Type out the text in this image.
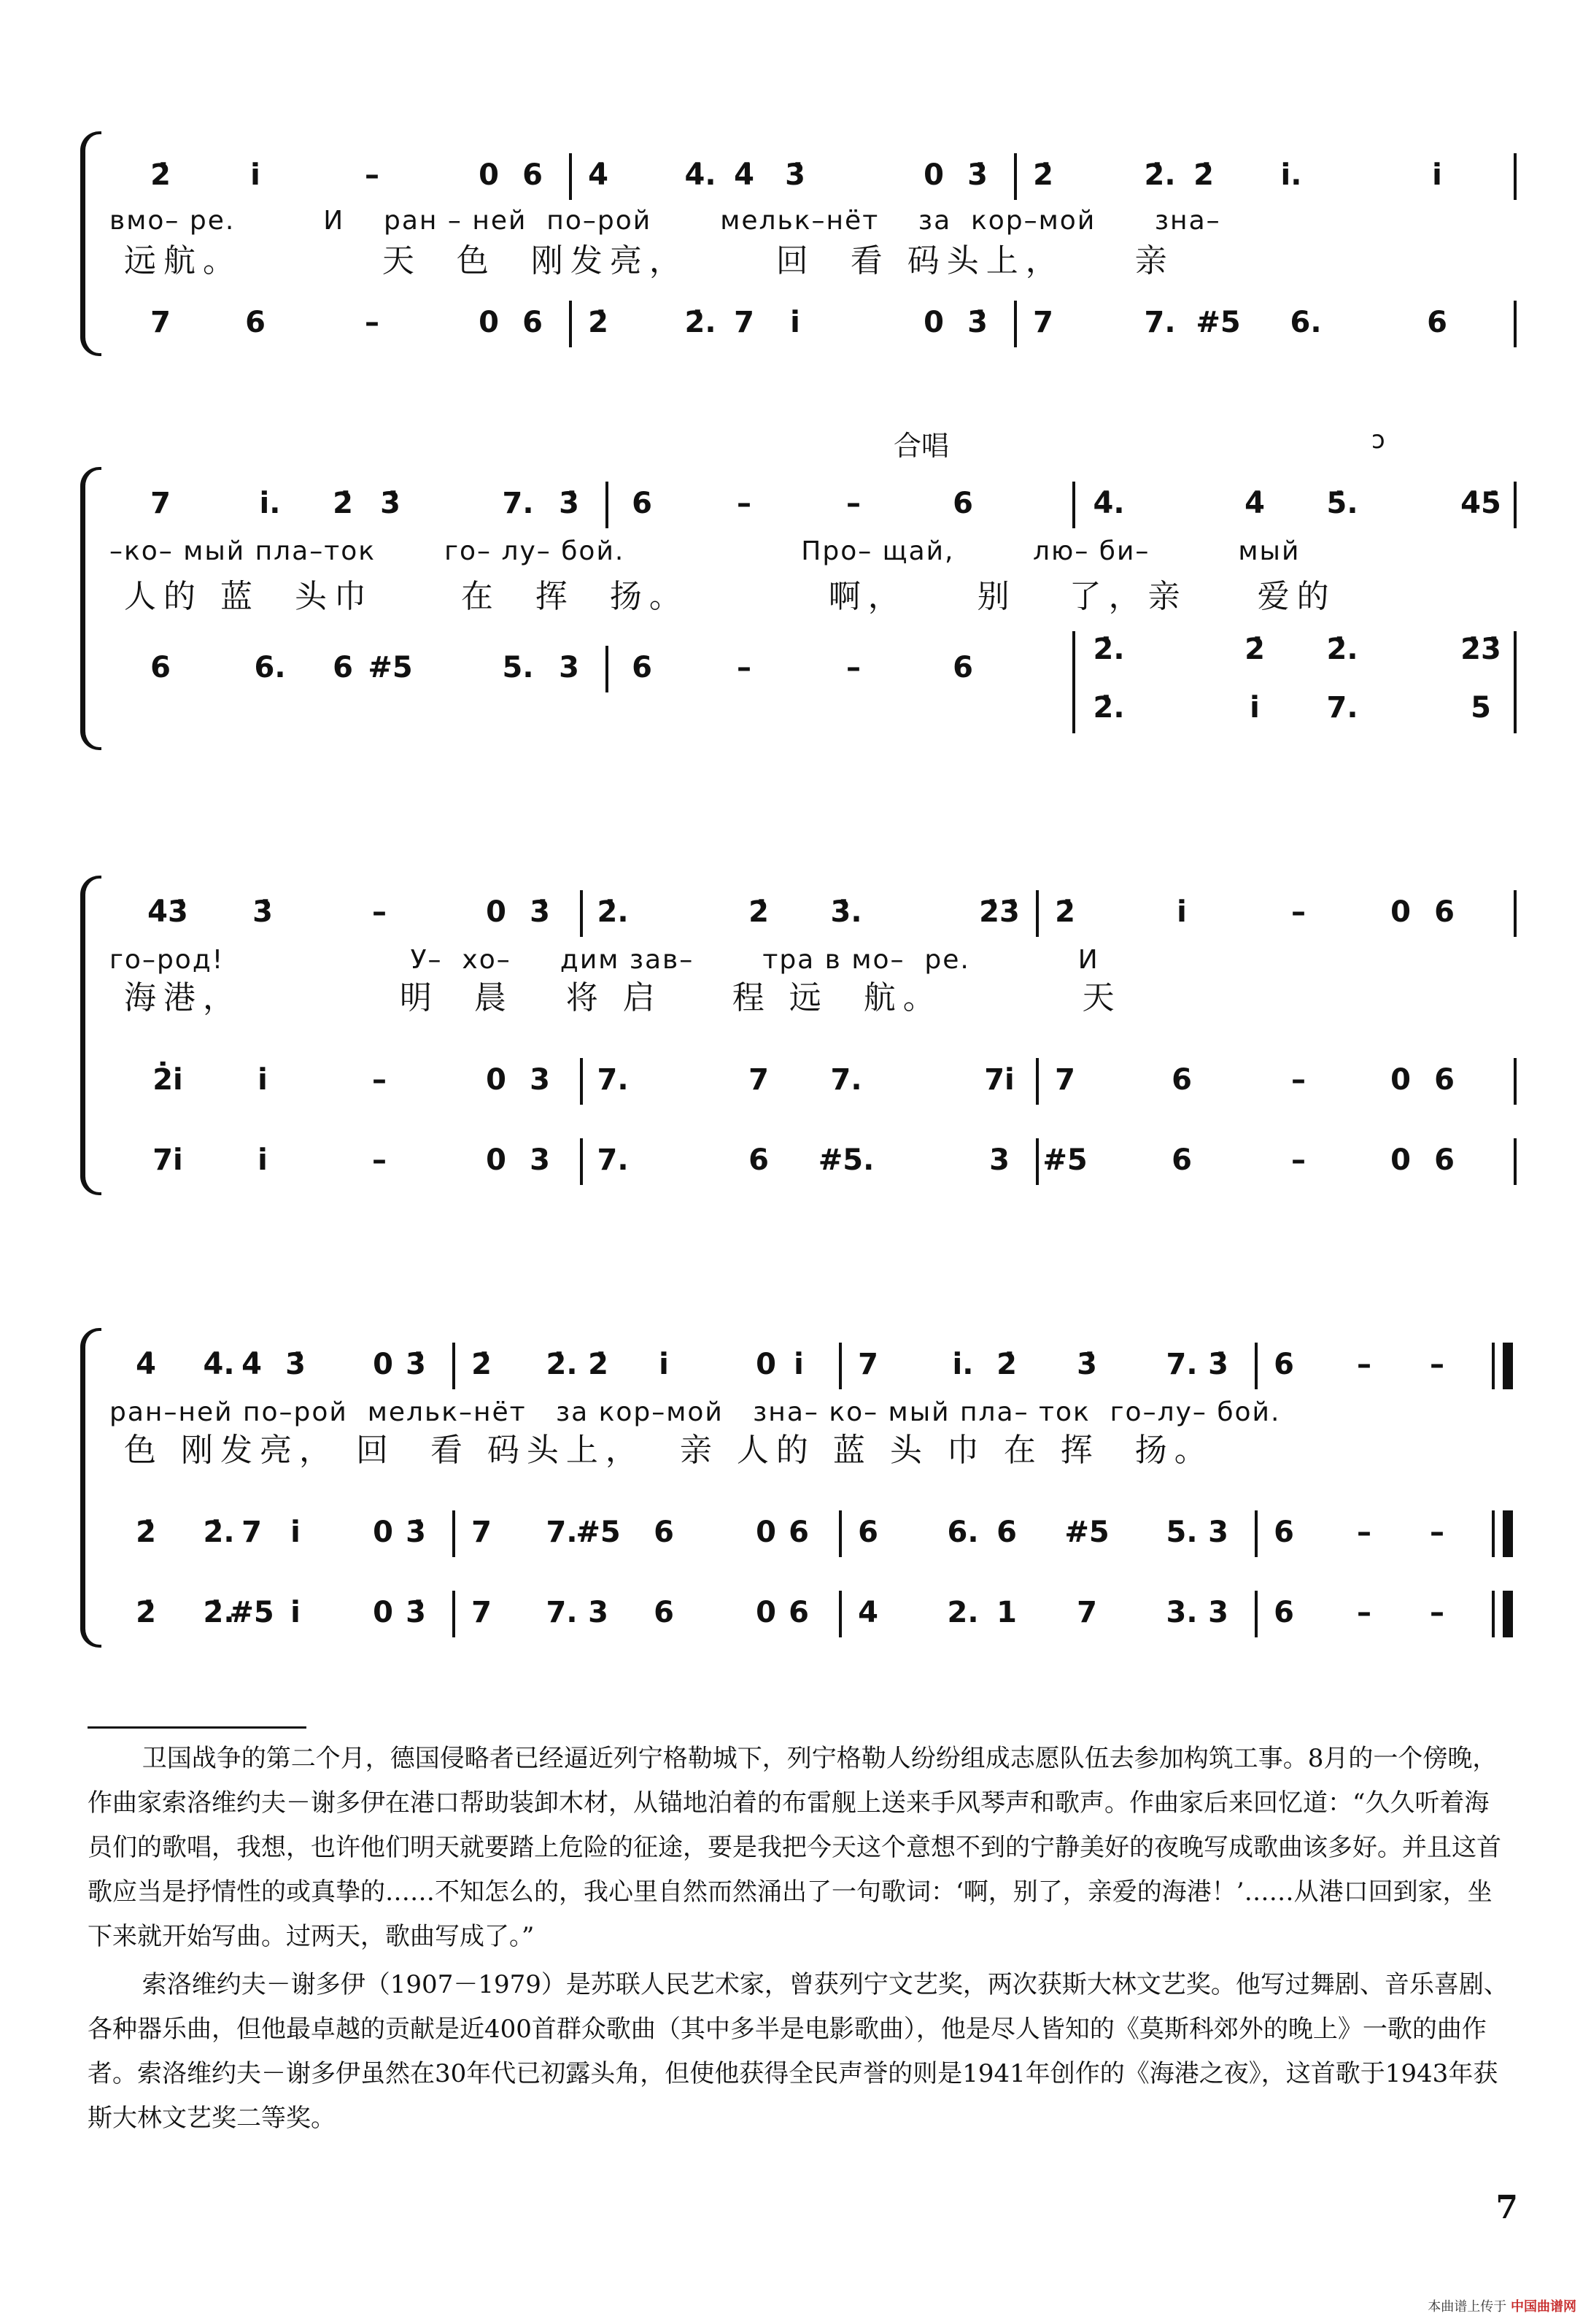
2̇	i̇	–	0 6 4̇	4̇. 4̇ 3̇	0 3̇ 2̇	2̇. 2̇ i̇.	i̇
вмо– ре.         И    ран – ней  по–рой       мельк–нёт    за  кор–мой      зна–
远航。        天  色  刚发亮，     回  看 码头上，    亲
7	6	–	0 6 2̇	2̇. 7 i̇	0 3̇ 7	7. #5 6.	6
合唱	ↄ
7	i̇. 2̇ 3̇	7. 3̇ 6	–	–	6	4̇.	4̇ 5̇.	4̇5̇
–ко– мый пла–ток       го– лу– бой.                  Про– щай,        лю– би–         мый
人的 蓝  头巾     在  挥  扬。        啊，    别   了，亲    爱的
6	6. 6 #5	5. 3 6	–	–	6
2̇.	2̇ 2̇.	2̇3̇
2̇.	i̇ 7.	5
4̇3̇ 3̇	–	0 3̇ 2̇.	2̇ 3̇.	2̇3̇ 2̇	i̇	–	0 6
го–род!                   У–  хо–     дим зав–       тра в мо–  ре.           И
海港，         明  晨   将 启    程 远  航。        天
2̇i̇	i̇	–	0 3 7.	7 7.	7i̇ 7	6	–	0 6
7i̇	i̇	–	0 3 7.	6 #5.	3 #5	6	–	0 6
4̇ 4̇. 4̇ 3̇ 0 3̇ 2̇ 2̇. 2̇ i̇	0 i̇ 7	i̇. 2̇ 3̇ 7. 3̇ 6 – –
ран–ней по–рой  мельк–нёт   за кор–мой   зна– ко– мый пла– ток  го–лу– бой.
色 刚发亮， 回  看 码头上，  亲 人的 蓝 头 巾 在 挥  扬。
2̇ 2̇. 7 i̇ 0 3̇ 7 7.
#5 6	0 6 6 6. 6 #5 5. 3 6 – –
2̇ 2̇.
#5 i̇ 0 3̇ 7 7. 3 6	0 6 4 2. 1 7 3. 3 6 – –

卫国战争的第二个月，德国侵略者已经逼近列宁格勒城下，列宁格勒人纷纷组成志愿队伍去参加构筑工事。8月的一个傍晚，作曲家索洛维约夫－谢多伊在港口帮助装卸木材，从锚地泊着的布雷舰上送来手风琴声和歌声。作曲家后来回忆道：“久久听着海员们的歌唱，我想，也许他们明天就要踏上危险的征途，要是我把今天这个意想不到的宁静美好的夜晚写成歌曲该多好。并且这首歌应当是抒情性的或真挚的……不知怎么的，我心里自然而然涌出了一句歌词：‘啊，别了，亲爱的海港！’……从港口回到家，坐下来就开始写曲。过两天，歌曲写成了。”

索洛维约夫－谢多伊（1907－1979）是苏联人民艺术家，曾获列宁文艺奖，两次获斯大林文艺奖。他写过舞剧、音乐喜剧、各种器乐曲，但他最卓越的贡献是近400首群众歌曲（其中多半是电影歌曲），他是尽人皆知的《莫斯科郊外的晚上》一歌的曲作者。索洛维约夫－谢多伊虽然在30年代已初露头角，但使他获得全民声誉的则是1941年创作的《海港之夜》，这首歌于1943年获斯大林文艺奖二等奖。

7
本曲谱上传于 中国曲谱网
